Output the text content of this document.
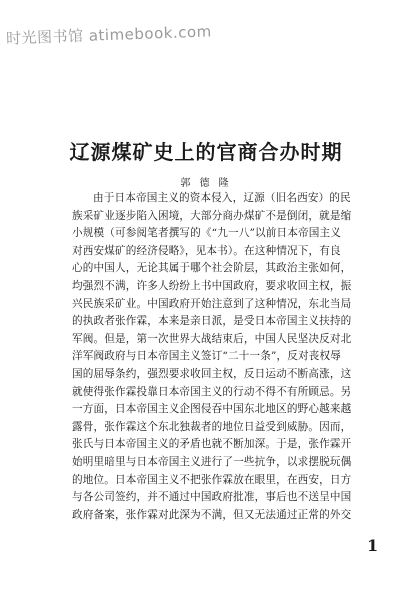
时光图书馆 atimebook.com
辽源煤矿史上的官商合办时期
郭 德 隆
由于日本帝国主义的资本侵入，辽源（旧名西安）的民
族采矿业逐步陷入困境，大部分商办煤矿不是倒闭，就是缩
小规模（可参阅笔者撰写的《“九一八”以前日本帝国主义
对西安煤矿的经济侵略》，见本书）。在这种情况下，有良
心的中国人，无论其属于哪个社会阶层，其政治主张如何，
均强烈不满，许多人纷纷上书中国政府，要求收回主权，振
兴民族采矿业。中国政府开始注意到了这种情况，东北当局
的执政者张作霖，本来是亲日派，是受日本帝国主义扶持的
军阀。但是，第一次世界大战结束后，中国人民坚决反对北
洋军阀政府与日本帝国主义签订“二十一条”，反对丧权辱
国的屈辱条约，强烈要求收回主权，反日运动不断高涨，这
就使得张作霖投靠日本帝国主义的行动不得不有所顾忌。另
一方面，日本帝国主义企图侵吞中国东北地区的野心越来越
露骨，张作霖这个东北独裁者的地位日益受到威胁。因而，
张氏与日本帝国主义的矛盾也就不断加深。于是，张作霖开
始明里暗里与日本帝国主义进行了一些抗争，以求摆脱玩偶
的地位。日本帝国主义不把张作霖放在眼里，在西安，日方
与各公司签约，并不通过中国政府批准，事后也不送呈中国
政府备案，张作霖对此深为不满，但又无法通过正常的外交
1
